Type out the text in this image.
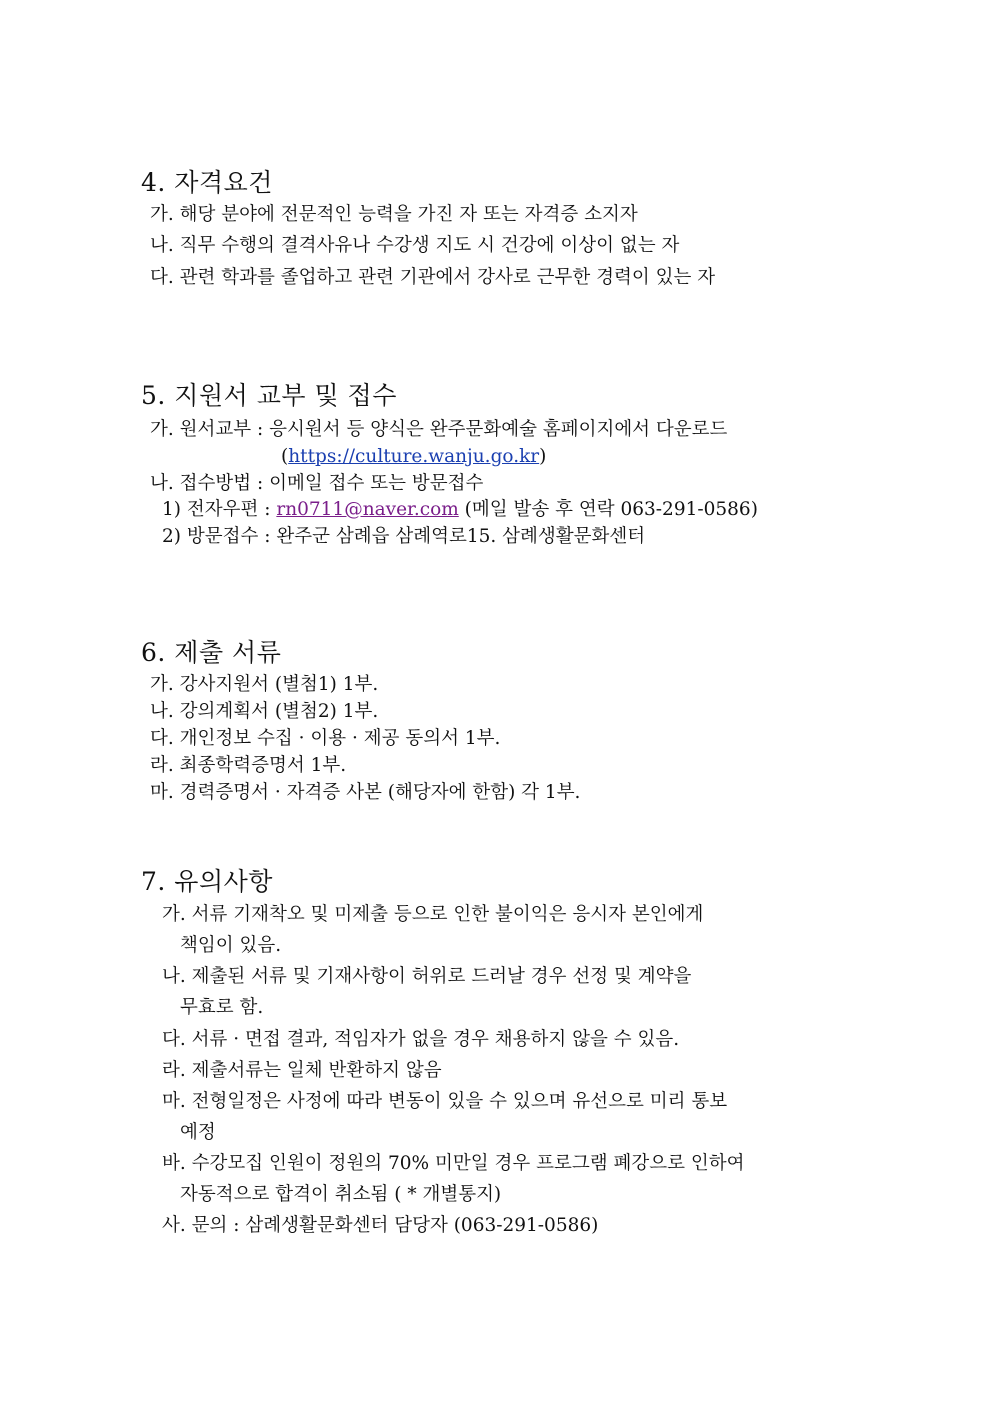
4. 자격요건
가. 해당 분야에 전문적인 능력을 가진 자 또는 자격증 소지자
나. 직무 수행의 결격사유나 수강생 지도 시 건강에 이상이 없는 자
다. 관련 학과를 졸업하고 관련 기관에서 강사로 근무한 경력이 있는 자
5. 지원서 교부 및 접수
가. 원서교부 : 응시원서 등 양식은 완주문화예술 홈페이지에서 다운로드
(https://culture.wanju.go.kr)
나. 접수방법 : 이메일 접수 또는 방문접수
1) 전자우편 : rn0711@naver.com (메일 발송 후 연락 063-291-0586)
2) 방문접수 : 완주군 삼례읍 삼례역로15. 삼례생활문화센터
6. 제출 서류
가. 강사지원서 (별첨1) 1부.
나. 강의계획서 (별첨2) 1부.
다. 개인정보 수집 · 이용 · 제공 동의서 1부.
라. 최종학력증명서 1부.
마. 경력증명서 · 자격증 사본 (해당자에 한함) 각 1부.
7. 유의사항
가. 서류 기재착오 및 미제출 등으로 인한 불이익은 응시자 본인에게
책임이 있음.
나. 제출된 서류 및 기재사항이 허위로 드러날 경우 선정 및 계약을
무효로 함.
다. 서류 · 면접 결과, 적임자가 없을 경우 채용하지 않을 수 있음.
라. 제출서류는 일체 반환하지 않음
마. 전형일정은 사정에 따라 변동이 있을 수 있으며 유선으로 미리 통보
예정
바. 수강모집 인원이 정원의 70% 미만일 경우 프로그램 폐강으로 인하여
자동적으로 합격이 취소됨 ( * 개별통지)
사. 문의 : 삼례생활문화센터 담당자 (063-291-0586)
